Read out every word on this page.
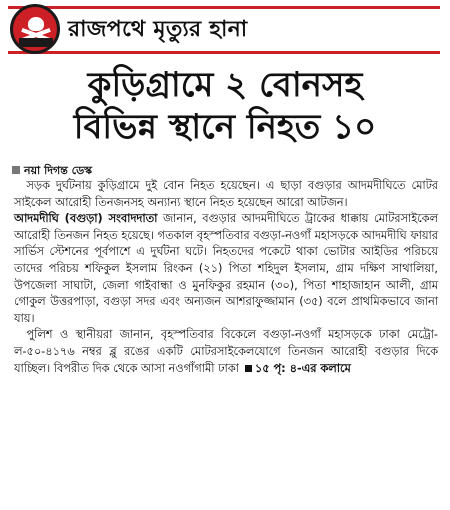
রাজপথে মৃত্যুর হানা
কুড়িগ্রামে ২ বোনসহ
বিভিন্ন স্থানে নিহত ১০
নয়া দিগন্ত ডেস্ক

সড়ক দুর্ঘটনায় কুড়িগ্রামে দুই বোন নিহত হয়েছেন। এ ছাড়া বগুড়ার আদমদীঘিতে মোটর সাইকেল আরোহী তিনজনসহ অন্যান্য স্থানে নিহত হয়েছেন আরো আটজন।

আদমদীঘি (বগুড়া) সংবাদদাতা জানান, বগুড়ার আদমদীঘিতে ট্রাকের ধাক্কায় মোটরসাইকেল আরোহী তিনজন নিহত হয়েছে। গতকাল বৃহস্পতিবার বগুড়া-নওগাঁ মহাসড়কে আদমদীঘি ফায়ার সার্ভিস স্টেশনের পূর্বপাশে এ দুর্ঘটনা ঘটে। নিহতদের পকেটে থাকা ভোটার আইডির পরিচয়ে তাদের পরিচয় শফিকুল ইসলাম রিংকন (২১) পিতা শহিদুল ইসলাম, গ্রাম দক্ষিণ সাথালিয়া, উপজেলা সাঘাটা, জেলা গাইবান্ধা ও মুনফিকুর রহমান (৩০), পিতা শাহাজাহান আলী, গ্রাম গোকুল উত্তরপাড়া, বগুড়া সদর এবং অন্যজন আশরাফুজ্জামান (৩৫) বলে প্রাথমিকভাবে জানা যায়।

পুলিশ ও স্থানীয়রা জানান, বৃহস্পতিবার বিকেলে বগুড়া-নওগাঁ মহাসড়কে ঢাকা মেট্রো-ল-৫০-৪১৭৬ নম্বর ব্লু রঙের একটি মোটরসাইকেলযোগে তিনজন আরোহী বগুড়ার দিকে যাচ্ছিল। বিপরীত দিক থেকে আসা নওগাঁগামী ঢাকা ১৫ পৃ: ৪-এর কলামে
